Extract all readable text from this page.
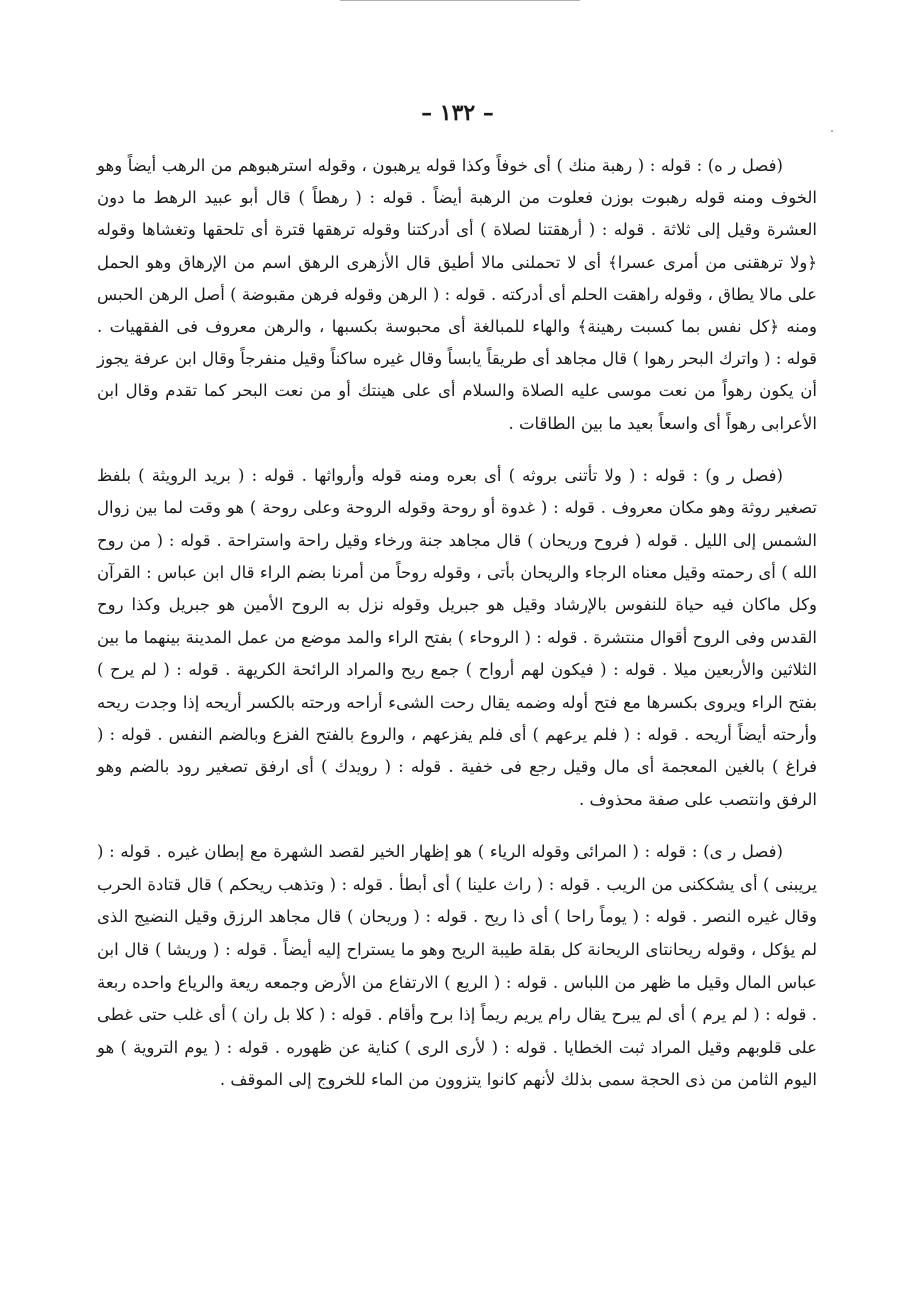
– ١٣٢ –

(فصل ر ه) : قوله : ( رهبة منك ) أى خوفاً وكذا قوله يرهبون ، وقوله استرهبوهم من الرهب أيضاً وهو الخوف ومنه قوله رهبوت بوزن فعلوت من الرهبة أيضاً . قوله : ( رهطاً ) قال أبو عبيد الرهط ما دون العشرة وقيل إلى ثلاثة . قوله : ( أرهقتنا لصلاة ) أى أدركتنا وقوله ترهقها قترة أى تلحقها وتغشاها وقوله ﴿ولا ترهقنى من أمرى عسرا﴾ أى لا تحملنى مالا أطيق قال الأزهرى الرهق اسم من الإرهاق وهو الحمل على مالا يطاق ، وقوله راهقت الحلم أى أدركته . قوله : ( الرهن وقوله فرهن مقبوضة ) أصل الرهن الحبس ومنه ﴿كل نفس بما كسبت رهينة﴾ والهاء للمبالغة أى محبوسة بكسبها ، والرهن معروف فى الفقهيات . قوله : ( واترك البحر رهوا ) قال مجاهد أى طريقاً يابساً وقال غيره ساكناً وقيل منفرجاً وقال ابن عرفة يجوز أن يكون رهواً من نعت موسى عليه الصلاة والسلام أى على هينتك أو من نعت البحر كما تقدم وقال ابن الأعرابى رهواً أى واسعاً بعيد ما بين الطاقات .

(فصل ر و) : قوله : ( ولا تأتنى بروثه ) أى بعره ومنه قوله وأرواثها . قوله : ( بريد الرويثة ) بلفظ تصغير روثة وهو مكان معروف . قوله : ( غدوة أو روحة وقوله الروحة وعلى روحة ) هو وقت لما بين زوال الشمس إلى الليل . قوله ( فروح وريحان ) قال مجاهد جنة ورخاء وقيل راحة واستراحة . قوله : ( من روح الله ) أى رحمته وقيل معناه الرجاء والريحان بأتى ، وقوله روحاً من أمرنا بضم الراء قال ابن عباس : القرآن وكل ماكان فيه حياة للنفوس بالإرشاد وقيل هو جبريل وقوله نزل به الروح الأمين هو جبريل وكذا روح القدس وفى الروح أقوال منتشرة . قوله : ( الروحاء ) بفتح الراء والمد موضع من عمل المدينة بينهما ما بين الثلاثين والأربعين ميلا . قوله : ( فيكون لهم أرواح ) جمع ريح والمراد الرائحة الكريهة . قوله : ( لم يرح ) بفتح الراء ويروى بكسرها مع فتح أوله وضمه يقال رحت الشىء أراحه ورحته بالكسر أريحه إذا وجدت ريحه وأرحته أيضاً أريحه . قوله : ( فلم يرعهم ) أى فلم يفزعهم ، والروع بالفتح الفزع وبالضم النفس . قوله : ( فراغ ) بالغين المعجمة أى مال وقيل رجع فى خفية . قوله : ( رويدك ) أى ارفق تصغير رود بالضم وهو الرفق وانتصب على صفة محذوف .

(فصل ر ى) : قوله : ( المرائى وقوله الرياء ) هو إظهار الخير لقصد الشهرة مع إبطان غيره . قوله : ( يريبنى ) أى يشككنى من الريب . قوله : ( راث علينا ) أى أبطأ . قوله : ( وتذهب ريحكم ) قال قتادة الحرب وقال غيره النصر . قوله : ( يوماً راحا ) أى ذا ريح . قوله : ( وريحان ) قال مجاهد الرزق وقيل النضيج الذى لم يؤكل ، وقوله ريحانتاى الريحانة كل بقلة طيبة الريح وهو ما يستراح إليه أيضاً . قوله : ( وريشا ) قال ابن عباس المال وقيل ما ظهر من اللباس . قوله : ( الريع ) الارتفاع من الأرض وجمعه ريعة والرياع واحده ربعة . قوله : ( لم يرم ) أى لم يبرح يقال رام يريم ريماً إذا برح وأقام . قوله : ( كلا بل ران ) أى غلب حتى غطى على قلوبهم وقيل المراد ثبت الخطايا . قوله : ( لأرى الرى ) كناية عن ظهوره . قوله : ( يوم التروية ) هو اليوم الثامن من ذى الحجة سمى بذلك لأنهم كانوا يتزوون من الماء للخروج إلى الموقف .
